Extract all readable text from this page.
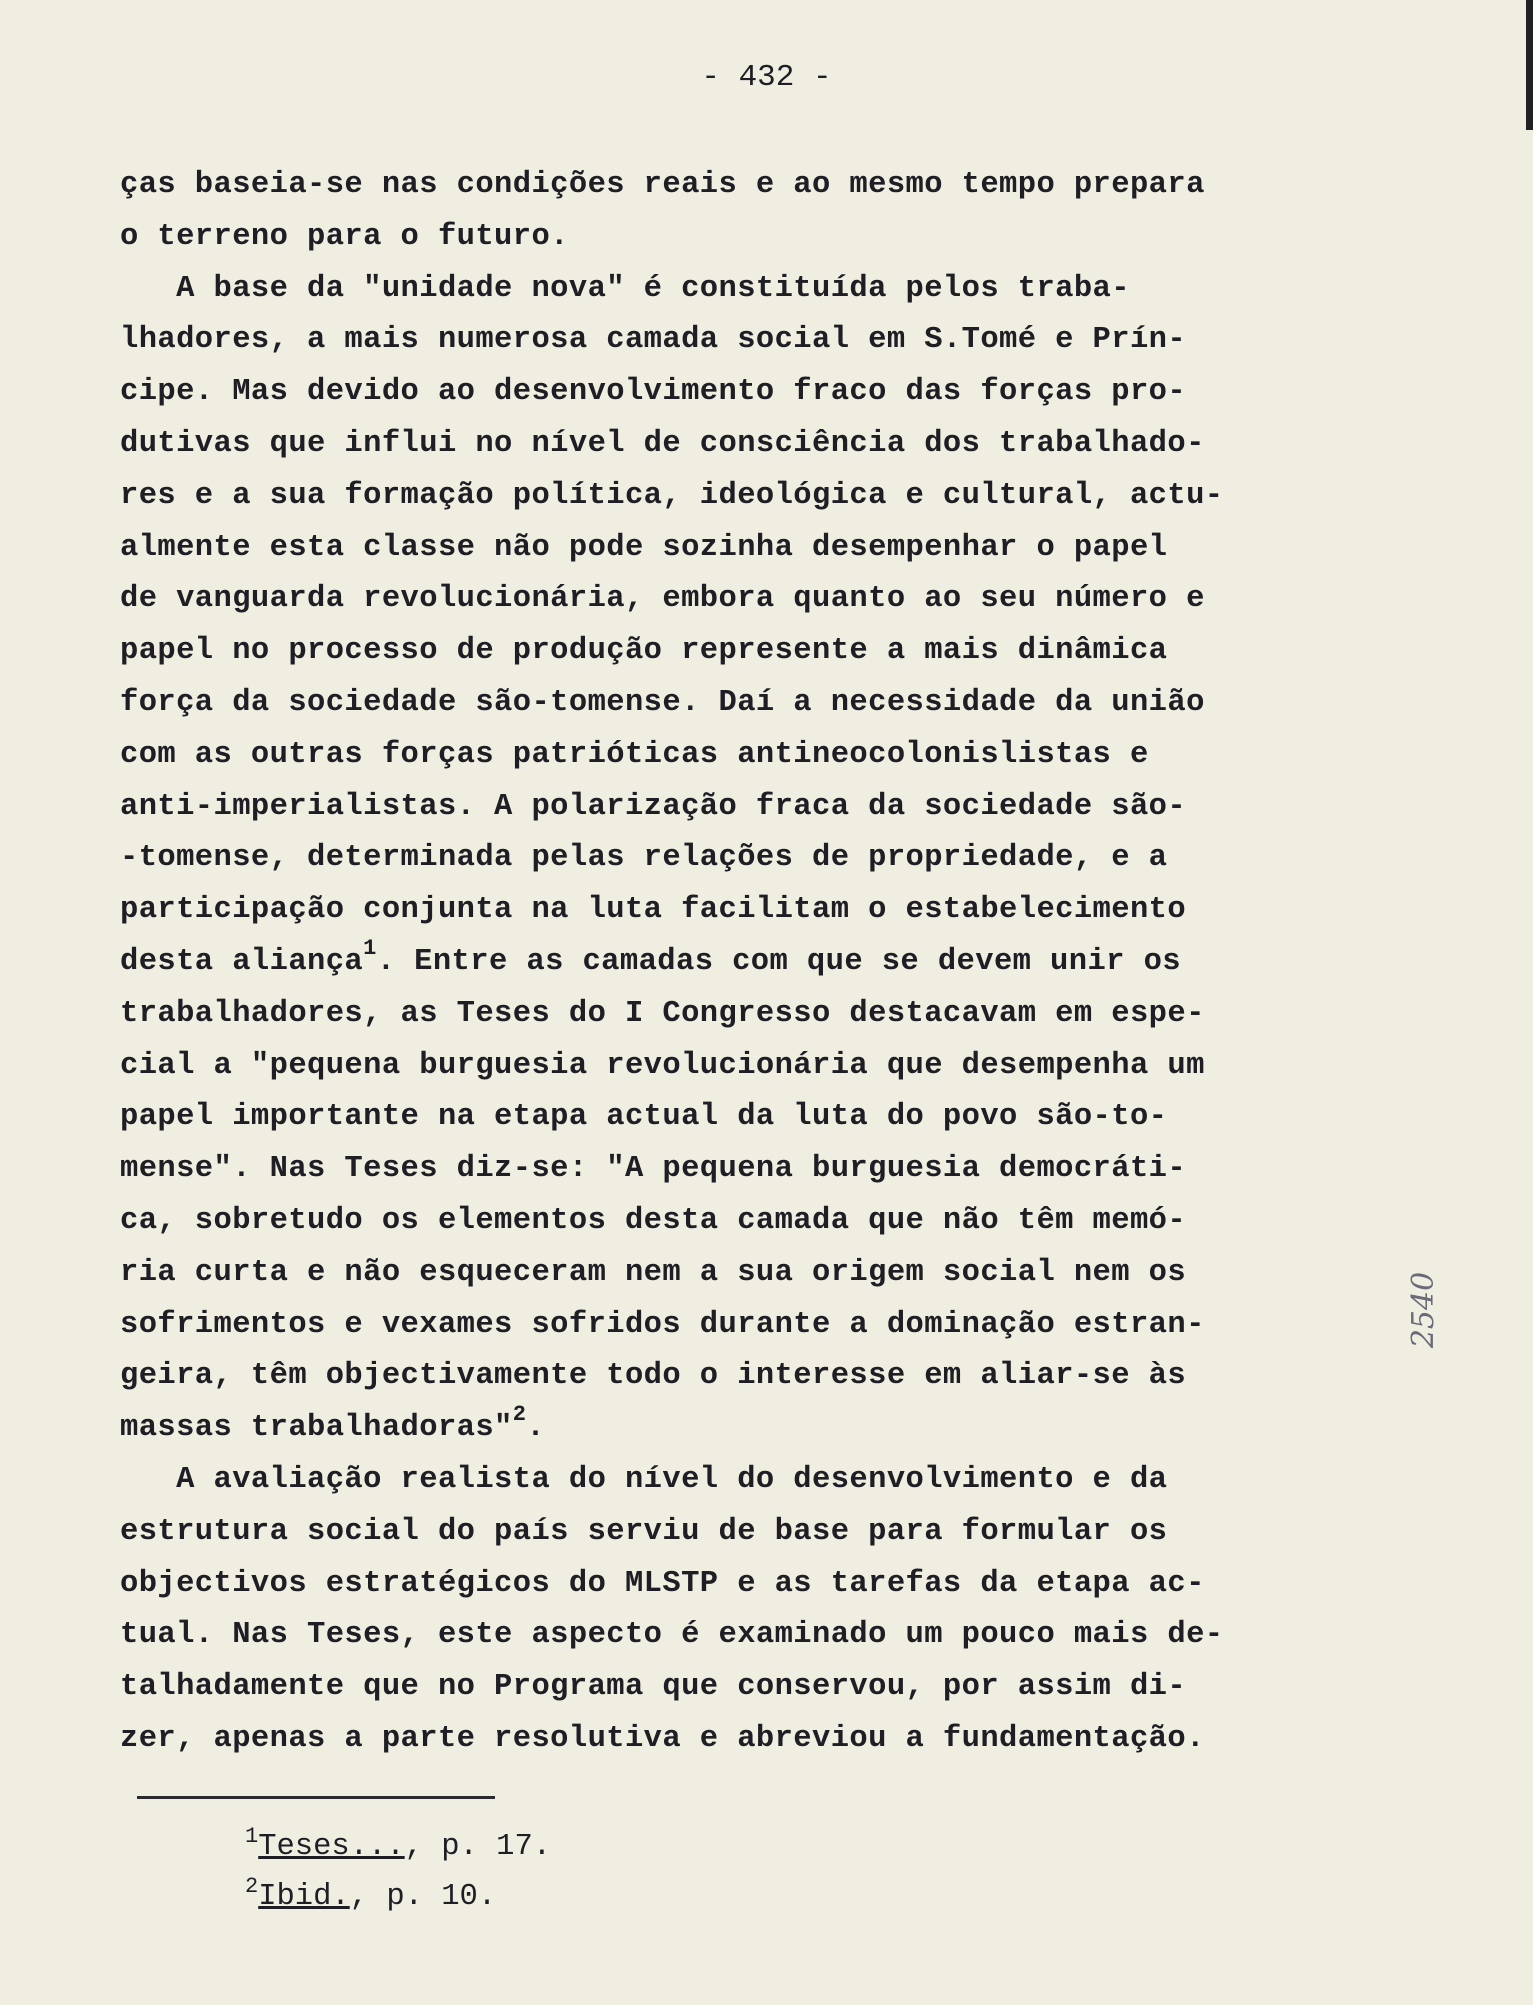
- 432 -
ças baseia-se nas condições reais e ao mesmo tempo prepara
o terreno para o futuro.
A base da "unidade nova" é constituída pelos traba-
lhadores, a mais numerosa camada social em S.Tomé e Prín-
cipe. Mas devido ao desenvolvimento fraco das forças pro-
dutivas que influi no nível de consciência dos trabalhado-
res e a sua formação política, ideológica e cultural, actu-
almente esta classe não pode sozinha desempenhar o papel
de vanguarda revolucionária, embora quanto ao seu número e
papel no processo de produção represente a mais dinâmica
força da sociedade são-tomense. Daí a necessidade da união
com as outras forças patrióticas antineocolonislistas e
anti-imperialistas. A polarização fraca da sociedade são-
-tomense, determinada pelas relações de propriedade, e a
participação conjunta na luta facilitam o estabelecimento
desta aliança$^1$. Entre as camadas com que se devem unir os
trabalhadores, as Teses do I Congresso destacavam em espe-
cial a "pequena burguesia revolucionária que desempenha um
papel importante na etapa actual da luta do povo são-to-
mense". Nas Teses diz-se: "A pequena burguesia democráti-
ca, sobretudo os elementos desta camada que não têm memó-
ria curta e não esqueceram nem a sua origem social nem os
sofrimentos e vexames sofridos durante a dominação estran-
geira, têm objectivamente todo o interesse em aliar-se às
massas trabalhadoras"$^2$.
A avaliação realista do nível do desenvolvimento e da
estrutura social do país serviu de base para formular os
objectivos estratégicos do MLSTP e as tarefas da etapa ac-
tual. Nas Teses, este aspecto é examinado um pouco mais de-
talhadamente que no Programa que conservou, por assim di-
zer, apenas a parte resolutiva e abreviou a fundamentação.
2540
$^1$Teses..., p. 17.
$^2$Ibid., p. 10.
